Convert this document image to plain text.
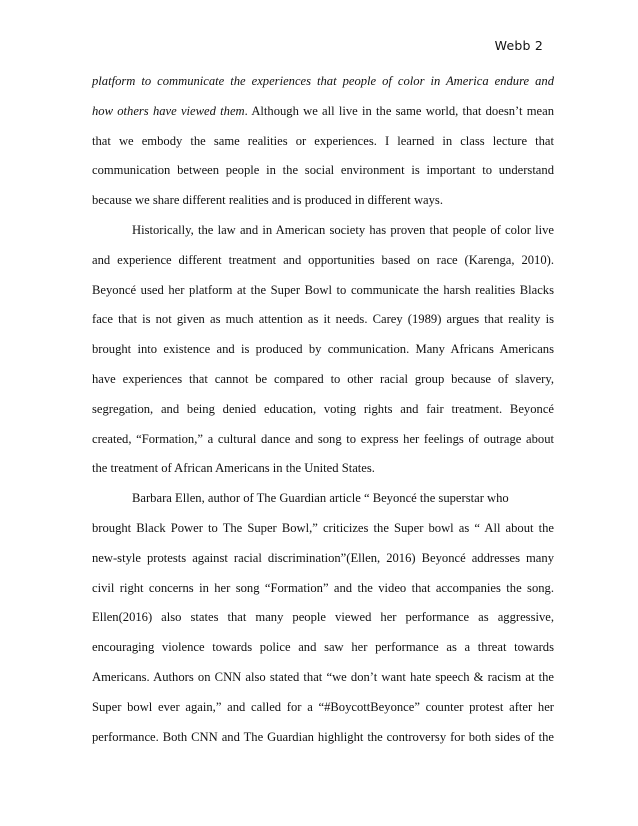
Webb 2
platform to communicate the experiences that people of color in America endure and
how others have viewed them. Although we all live in the same world, that doesn’t mean
that we embody the same realities or experiences. I learned in class lecture that
communication between people in the social environment is important to understand
because we share different realities and is produced in different ways.
Historically, the law and in American society has proven that people of color live
and experience different treatment and opportunities based on race (Karenga, 2010).
Beyoncé used her platform at the Super Bowl to communicate the harsh realities Blacks
face that is not given as much attention as it needs. Carey (1989) argues that reality is
brought into existence and is produced by communication. Many Africans Americans
have experiences that cannot be compared to other racial group because of slavery,
segregation, and being denied education, voting rights and fair treatment. Beyoncé
created, “Formation,” a cultural dance and song to express her feelings of outrage about
the treatment of African Americans in the United States.
Barbara Ellen, author of The Guardian article “ Beyoncé the superstar who
brought Black Power to The Super Bowl,” criticizes the Super bowl as “ All about the
new-style protests against racial discrimination”(Ellen, 2016) Beyoncé addresses many
civil right concerns in her song “Formation” and the video that accompanies the song.
Ellen(2016) also states that many people viewed her performance as aggressive,
encouraging violence towards police and saw her performance as a threat towards
Americans. Authors on CNN also stated that “we don’t want hate speech & racism at the
Super bowl ever again,” and called for a “#BoycottBeyonce” counter protest after her
performance. Both CNN and The Guardian highlight the controversy for both sides of the
